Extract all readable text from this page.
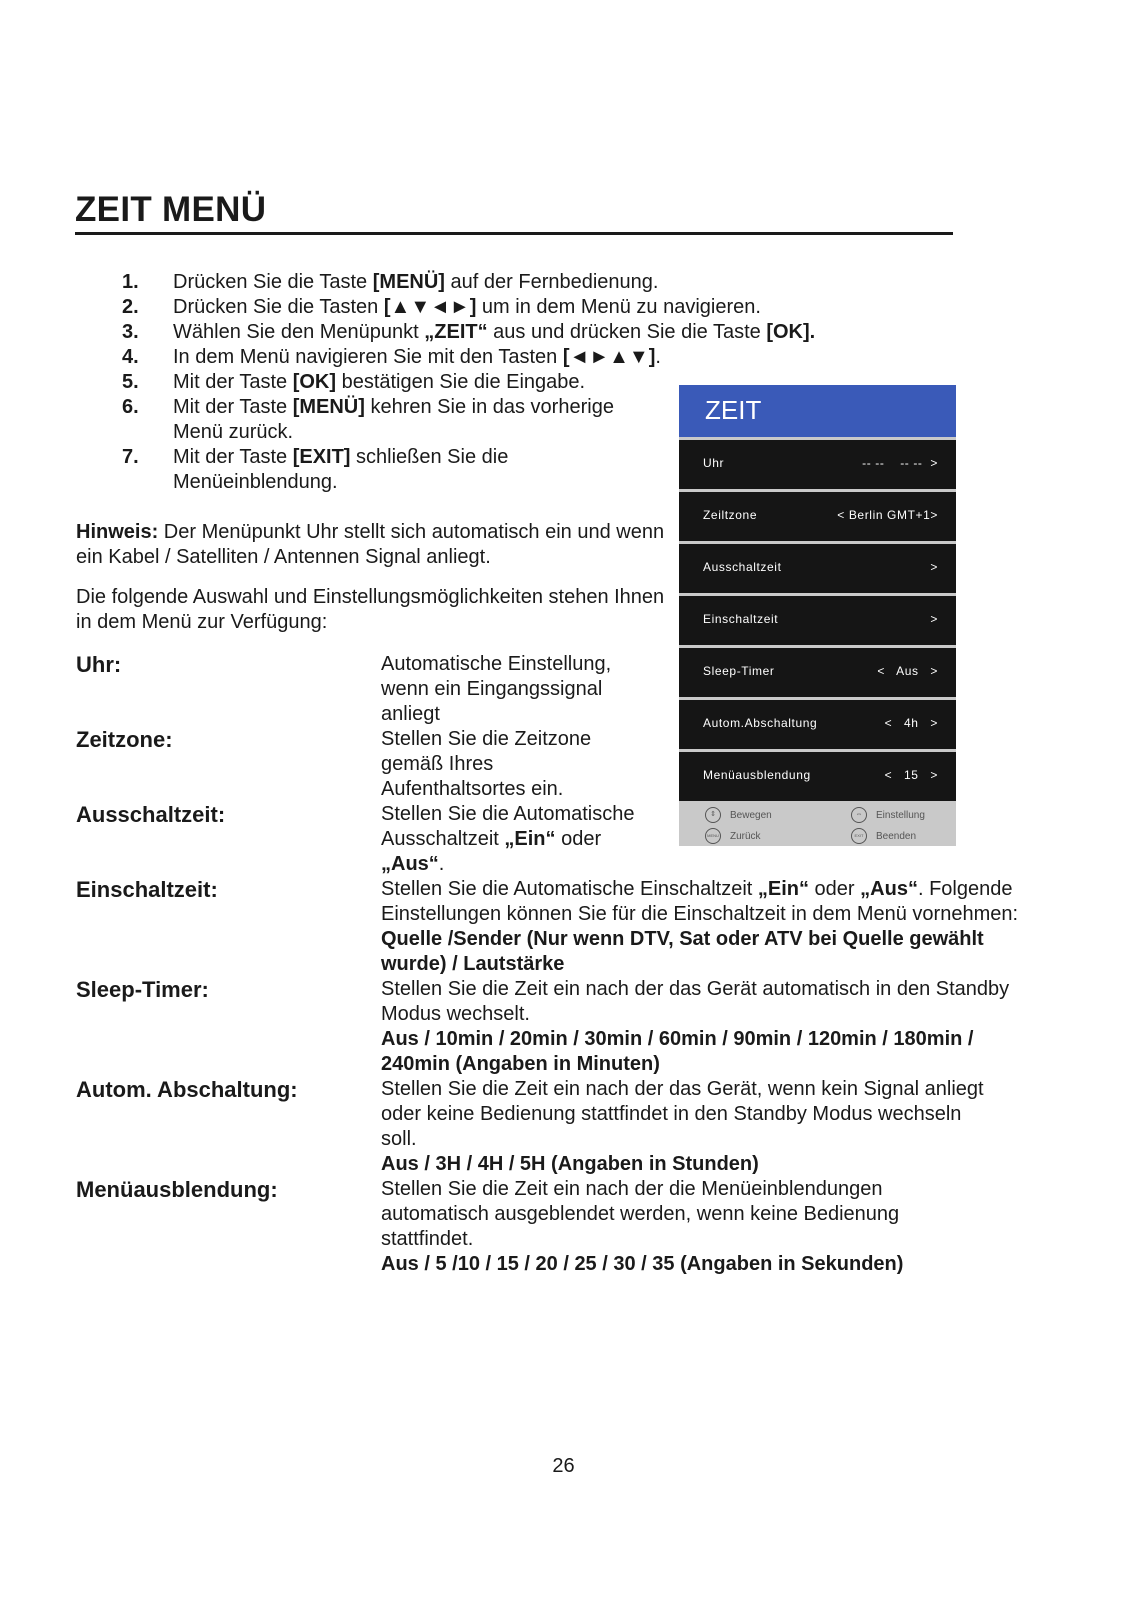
ZEIT MENÜ
1.	Drücken Sie die Taste [MENÜ] auf der Fernbedienung.
2.	Drücken Sie die Tasten [▲▼◄►] um in dem Menü zu navigieren.
3.	Wählen Sie den Menüpunkt „ZEIT“ aus und drücken Sie die Taste [OK].
4.	In dem Menü navigieren Sie mit den Tasten [◄►▲▼].
5.	Mit der Taste [OK] bestätigen Sie die Eingabe.
6.	Mit der Taste [MENÜ] kehren Sie in das vorherige Menü zurück.
7.	Mit der Taste [EXIT] schließen Sie die Menüeinblendung.
Hinweis: Der Menüpunkt Uhr stellt sich automatisch ein und wenn ein Kabel / Satelliten / Antennen Signal anliegt.
Die folgende Auswahl und Einstellungsmöglichkeiten stehen Ihnen in dem Menü zur Verfügung:
Uhr:	Automatische Einstellung, wenn ein Eingangssignal anliegt
Zeitzone:	Stellen Sie die Zeitzone gemäß Ihres Aufenthaltsortes ein.
Ausschaltzeit:	Stellen Sie die Automatische Ausschaltzeit „Ein“ oder „Aus“.
Einschaltzeit:	Stellen Sie die Automatische Einschaltzeit „Ein“ oder „Aus“. Folgende Einstellungen können Sie für die Einschaltzeit in dem Menü vornehmen: Quelle /Sender (Nur wenn DTV, Sat oder ATV bei Quelle gewählt wurde) / Lautstärke
Sleep-Timer:	Stellen Sie die Zeit ein nach der das Gerät automatisch in den Standby Modus wechselt.

Aus / 10min / 20min / 30min / 60min / 90min / 120min / 180min / 240min (Angaben in Minuten)

Autom. Abschaltung:	Stellen Sie die Zeit ein nach der das Gerät, wenn kein Signal anliegt oder keine Bedienung stattfindet in den Standby Modus wechseln soll.

Aus / 3H / 4H / 5H (Angaben in Stunden)

Menüausblendung:	Stellen Sie die Zeit ein nach der die Menüeinblendungen automatisch ausgeblendet werden, wenn keine Bedienung stattfindet.

Aus / 5 /10 / 15 / 20 / 25 / 30 / 35 (Angaben in Sekunden)

ZEIT
Uhr	-- --    -- --  >
Zeiltzone	< Berlin GMT+1>
Ausschaltzeit	>
Einschaltzeit	>
Sleep-Timer	<   Aus   >
Autom.Abschaltung	<   4h   >
Menüausblendung	<   15   >
⇕	Bewegen	⇔	Einstellung
MENU Zurück	EXIT	Beenden
26
